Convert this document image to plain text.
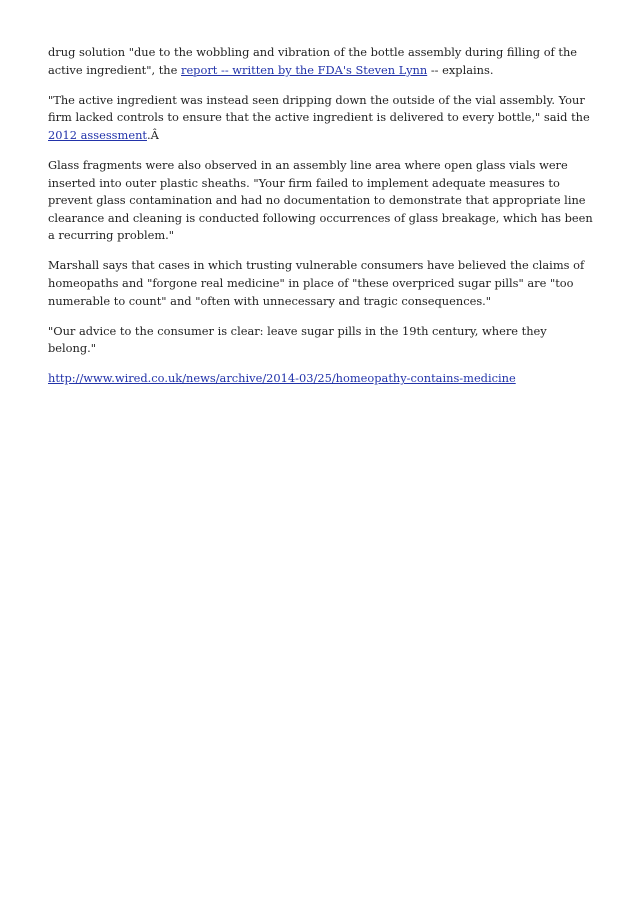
drug solution "due to the wobbling and vibration of the bottle assembly during filling of the active ingredient", the report -- written by the FDA's Steven Lynn -- explains.

"The active ingredient was instead seen dripping down the outside of the vial assembly. Your firm lacked controls to ensure that the active ingredient is delivered to every bottle," said the 2012 assessment.Â

Glass fragments were also observed in an assembly line area where open glass vials were inserted into outer plastic sheaths. "Your firm failed to implement adequate measures to prevent glass contamination and had no documentation to demonstrate that appropriate line clearance and cleaning is conducted following occurrences of glass breakage, which has been a recurring problem."

Marshall says that cases in which trusting vulnerable consumers have believed the claims of homeopaths and "forgone real medicine" in place of "these overpriced sugar pills" are "too numerable to count" and "often with unnecessary and tragic consequences."

"Our advice to the consumer is clear: leave sugar pills in the 19th century, where they belong."

http://www.wired.co.uk/news/archive/2014-03/25/homeopathy-contains-medicine
